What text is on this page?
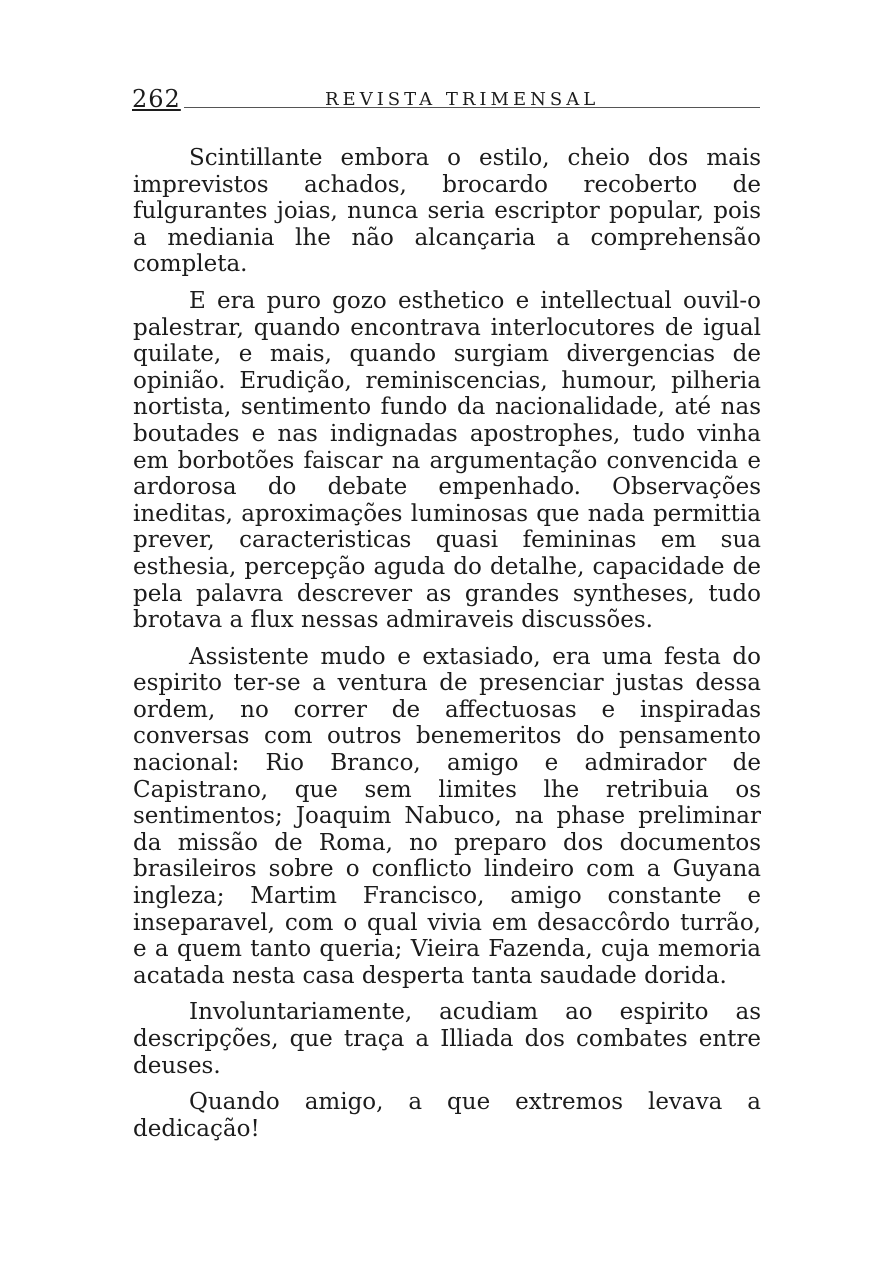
262	REVISTA TRIMENSAL

Scintillante embora o estilo, cheio dos mais imprevistos achados, brocardo recoberto de fulgurantes joias, nunca seria escriptor popular, pois a mediania lhe não alcançaria a comprehensão completa.

E era puro gozo esthetico e intellectual ouvil-o palestrar, quando encontrava interlocutores de igual quilate, e mais, quando surgiam divergencias de opinião. Erudição, reminiscencias, humour, pilheria nortista, sentimento fundo da nacionalidade, até nas boutades e nas indignadas apostrophes, tudo vinha em borbotões faiscar na argumentação convencida e ardorosa do debate empenhado. Observações ineditas, aproximações luminosas que nada permittia prever, caracteristicas quasi femininas em sua esthesia, percepção aguda do detalhe, capacidade de pela palavra descrever as grandes syntheses, tudo brotava a flux nessas admiraveis discussões.

Assistente mudo e extasiado, era uma festa do espirito ter-se a ventura de presenciar justas dessa ordem, no correr de affectuosas e inspiradas conversas com outros benemeritos do pensamento nacional: Rio Branco, amigo e admirador de Capistrano, que sem limites lhe retribuia os sentimentos; Joaquim Nabuco, na phase preliminar da missão de Roma, no preparo dos documentos brasileiros sobre o conflicto lindeiro com a Guyana ingleza; Martim Francisco, amigo constante e inseparavel, com o qual vivia em desaccôrdo turrão, e a quem tanto queria; Vieira Fazenda, cuja memoria acatada nesta casa desperta tanta saudade dorida.

Involuntariamente, acudiam ao espirito as descripções, que traça a Illiada dos combates entre deuses.

Quando amigo, a que extremos levava a dedicação!
